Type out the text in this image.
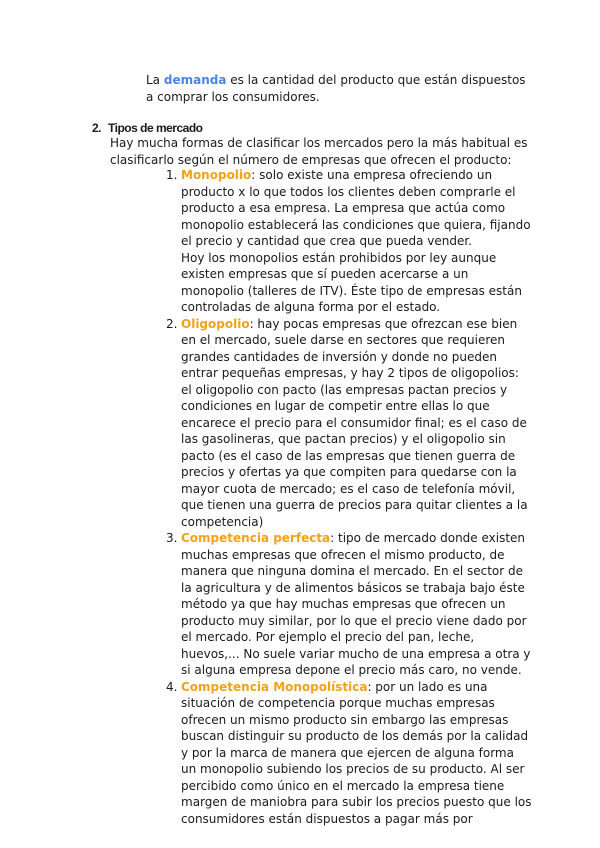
La demanda es la cantidad del producto que están dispuestos a comprar los consumidores.

2. Tipos de mercado

Hay mucha formas de clasificar los mercados pero la más habitual es clasificarlo según el número de empresas que ofrecen el producto:

1. Monopolio: solo existe una empresa ofreciendo un producto x lo que todos los clientes deben comprarle el producto a esa empresa. La empresa que actúa como monopolio establecerá las condiciones que quiera, fijando el precio y cantidad que crea que pueda vender.

Hoy los monopolios están prohibidos por ley aunque existen empresas que sí pueden acercarse a un monopolio (talleres de ITV). Éste tipo de empresas están controladas de alguna forma por el estado.

2. Oligopolio: hay pocas empresas que ofrezcan ese bien en el mercado, suele darse en sectores que requieren grandes cantidades de inversión y donde no pueden entrar pequeñas empresas, y hay 2 tipos de oligopolios: el oligopolio con pacto (las empresas pactan precios y condiciones en lugar de competir entre ellas lo que encarece el precio para el consumidor final; es el caso de las gasolineras, que pactan precios) y el oligopolio sin pacto (es el caso de las empresas que tienen guerra de precios y ofertas ya que compiten para quedarse con la mayor cuota de mercado; es el caso de telefonía móvil, que tienen una guerra de precios para quitar clientes a la competencia)

3. Competencia perfecta: tipo de mercado donde existen muchas empresas que ofrecen el mismo producto, de manera que ninguna domina el mercado. En el sector de la agricultura y de alimentos básicos se trabaja bajo éste método ya que hay muchas empresas que ofrecen un producto muy similar, por lo que el precio viene dado por el mercado. Por ejemplo el precio del pan, leche, huevos,... No suele variar mucho de una empresa a otra y si alguna empresa depone el precio más caro, no vende.

4. Competencia Monopolística: por un lado es una situación de competencia porque muchas empresas ofrecen un mismo producto sin embargo las empresas buscan distinguir su producto de los demás por la calidad y por la marca de manera que ejercen de alguna forma un monopolio subiendo los precios de su producto. Al ser percibido como único en el mercado la empresa tiene margen de maniobra para subir los precios puesto que los consumidores están dispuestos a pagar más por
